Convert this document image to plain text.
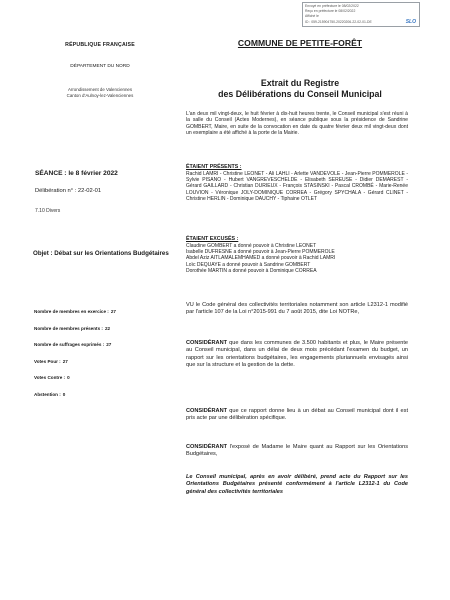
Envoyé en préfecture le 08/02/2022
Reçu en préfecture le 08/02/2022
Affiché le
ID : 059-215904750-20220206-22-02-01-DE	SLO
RÉPUBLIQUE FRANÇAISE
DÉPARTEMENT DU NORD
Arrondissement de Valenciennes
Canton d'Aulnoy-lez-Valenciennes
COMMUNE DE PETITE-FORÊT
Extrait du Registre
des Délibérations du Conseil Municipal
L'an deux mil vingt-deux, le huit février à dix-huit heures trente, le Conseil municipal s'est réuni à la salle du Conseil (Actes Modernes), en séance publique sous la présidence de Sandrine GOMBERT, Maire, en suite de la convocation en date du quatre février deux mil vingt-deux dont un exemplaire a été affiché à la porte de la Mairie.
SÉANCE : le 8 février 2022
Délibération n° : 22-02-01
7.10 Divers
ÉTAIENT PRÉSENTS :
Rachid LAMRI - Christine LEONET - Ali LAHLI - Arlette VANDEVOLE - Jean-Pierre POMMEROLE - Sylvie PISANO - Hubert VANGREVESCHELDE - Elisabeth SEREUSE - Didier DEMAREST - Gérard GAILLARD - Christian DURIEUX - François STASINSKI - Pascal CROMBÉ - Marie-Renée LOUVION - Véronique JOLY-DOMINIQUE CORREA - Grégory SPYCHALA - Gérard CLINET - Christine HERLIN - Dominique DAUCHY - Tiphaine OTLET
ÉTAIENT EXCUSÉS :
Claudine GOMBERT a donné pouvoir à Christine LEONET
Isabelle DUFRESNE a donné pouvoir à Jean-Pierre POMMEROLE
Abdel Aziz AITLAMALEMHAMED a donné pouvoir à Rachid LAMRI
Loïc DEQUAYE a donné pouvoir à Sandrine GOMBERT
Dorothée MARTIN a donné pouvoir à Dominique CORREA
Objet : Débat sur les Orientations Budgétaires
Nombre de membres en exercice : 27
Nombre de membres présents : 22
Nombre de suffrages exprimés : 27
Votes Pour : 27
Votes Contre : 0
Abstention : 0
VU le Code général des collectivités territoriales notamment son article L2312-1 modifié par l'article 107 de la Loi n°2015-991 du 7 août 2015, dite Loi NOTRe,
CONSIDÉRANT que dans les communes de 3.500 habitants et plus, le Maire présente au Conseil municipal, dans un délai de deux mois précédant l'examen du budget, un rapport sur les orientations budgétaires, les engagements pluriannuels envisagés ainsi que sur la structure et la gestion de la dette.
CONSIDÉRANT que ce rapport donne lieu à un débat au Conseil municipal dont il est pris acte par une délibération spécifique.
CONSIDÉRANT l'exposé de Madame le Maire quant au Rapport sur les Orientations Budgétaires,
Le Conseil municipal, après en avoir délibéré, prend acte du Rapport sur les Orientations Budgétaires présenté conformément à l'article L2312-1 du Code général des collectivités territoriales
